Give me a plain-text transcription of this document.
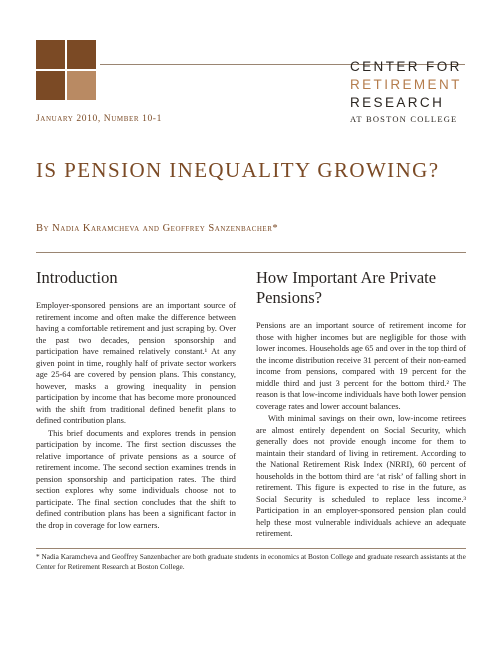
CENTER FOR
RETIREMENT
RESEARCH
AT BOSTON COLLEGE
January 2010, Number 10-1
IS PENSION INEQUALITY GROWING?
By Nadia Karamcheva and Geoffrey Sanzenbacher*
Introduction

Employer-sponsored pensions are an important source of retirement income and often make the difference between having a comfortable retirement and just scraping by. Over the past two decades, pension sponsorship and participation have remained relatively constant.¹ At any given point in time, roughly half of private sector workers age 25-64 are covered by pension plans. This constancy, however, masks a growing inequality in pension participation by income that has become more pronounced with the shift from traditional defined benefit plans to defined contribution plans.

This brief documents and explores trends in pension participation by income. The first section discusses the relative importance of private pensions as a source of retirement income. The second section examines trends in pension sponsorship and participation rates. The third section explores why some individuals choose not to participate. The final section concludes that the shift to defined contribution plans has been a significant factor in the drop in coverage for low earners.

How Important Are Private Pensions?

Pensions are an important source of retirement income for those with higher incomes but are negligible for those with lower incomes. Households age 65 and over in the top third of the income distribution receive 31 percent of their non-earned income from pensions, compared with 19 percent for the middle third and just 3 percent for the bottom third.² The reason is that low-income individuals have both lower pension coverage rates and lower account balances.

With minimal savings on their own, low-income retirees are almost entirely dependent on Social Security, which generally does not provide enough income for them to maintain their standard of living in retirement. According to the National Retirement Risk Index (NRRI), 60 percent of households in the bottom third are ‘at risk’ of falling short in retirement. This figure is expected to rise in the future, as Social Security is scheduled to replace less income.³ Participation in an employer-sponsored pension plan could help these most vulnerable individuals achieve an adequate retirement.

* Nadia Karamcheva and Geoffrey Sanzenbacher are both graduate students in economics at Boston College and graduate research assistants at the Center for Retirement Research at Boston College.
